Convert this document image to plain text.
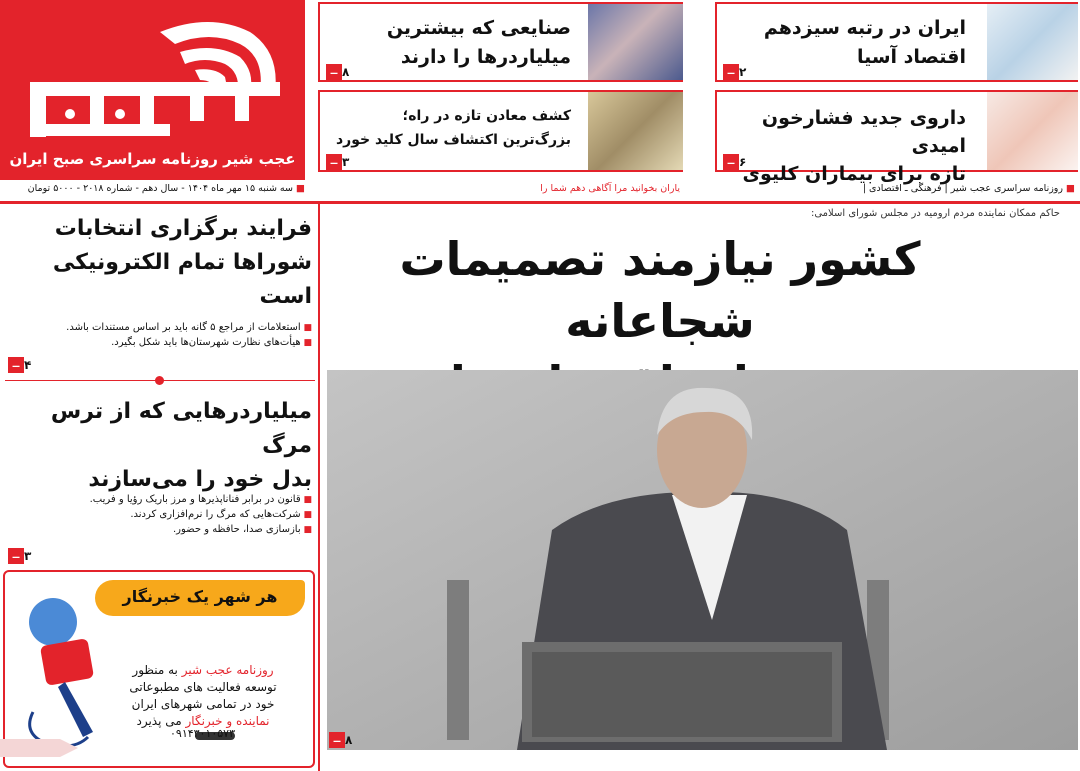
عجب شیر روزنامه سراسری صبح ایران
صنایعی که بیشترین
میلیاردرها را دارند
ــ ۸
کشف معادن تازه در راه؛
بزرگ‌ترین اکتشاف سال کلید خورد
ــ ۳
ایران در رتبه سیزدهم
اقتصاد آسیا
ــ ۲
داروی جدید فشارخون امیدی
تازه برای بیماران کلیوی
ــ ۶
■ سه شنبه ۱۵ مهر ماه ۱۴۰۴ - سال دهم - شماره ۲۰۱۸ - ۵۰۰۰ تومان	یاران بخوانید مرا آگاهی دهم شما را	■ روزنامه سراسری عجب شیر | فرهنگی ـ اقتصادی |
حاکم ممکان نماینده مردم ارومیه در مجلس شورای اسلامی:
کشور نیازمند تصمیمات شجاعانه
ــ ۸
فرایند برگزاری انتخابات
شوراها تمام الکترونیکی است
■ استعلامات از مراجع ۵ گانه باید بر اساس مستندات باشد.
■ هیأت‌های نظارت شهرستان‌ها باید شکل بگیرد.
ــ ۴
میلیاردرهایی که از ترس مرگ
بدل خود را می‌سازند
■ قانون در برابر فناناپذیرها و مرز باریک رؤیا و فریب.
■ شرکت‌هایی که مرگ را نرم‌افزاری کردند.
■ بازسازی صدا، حافظه و حضور.
ــ ۳
هر شهر یک خبرنگار
روزنامه عجب شیر به منظور
توسعه فعالیت های مطبوعاتی
خود در تمامی شهرهای ایران
نماینده و خبرنگار می پذیرد
۰۹۱۴۳۰۱۰۵۷۳
